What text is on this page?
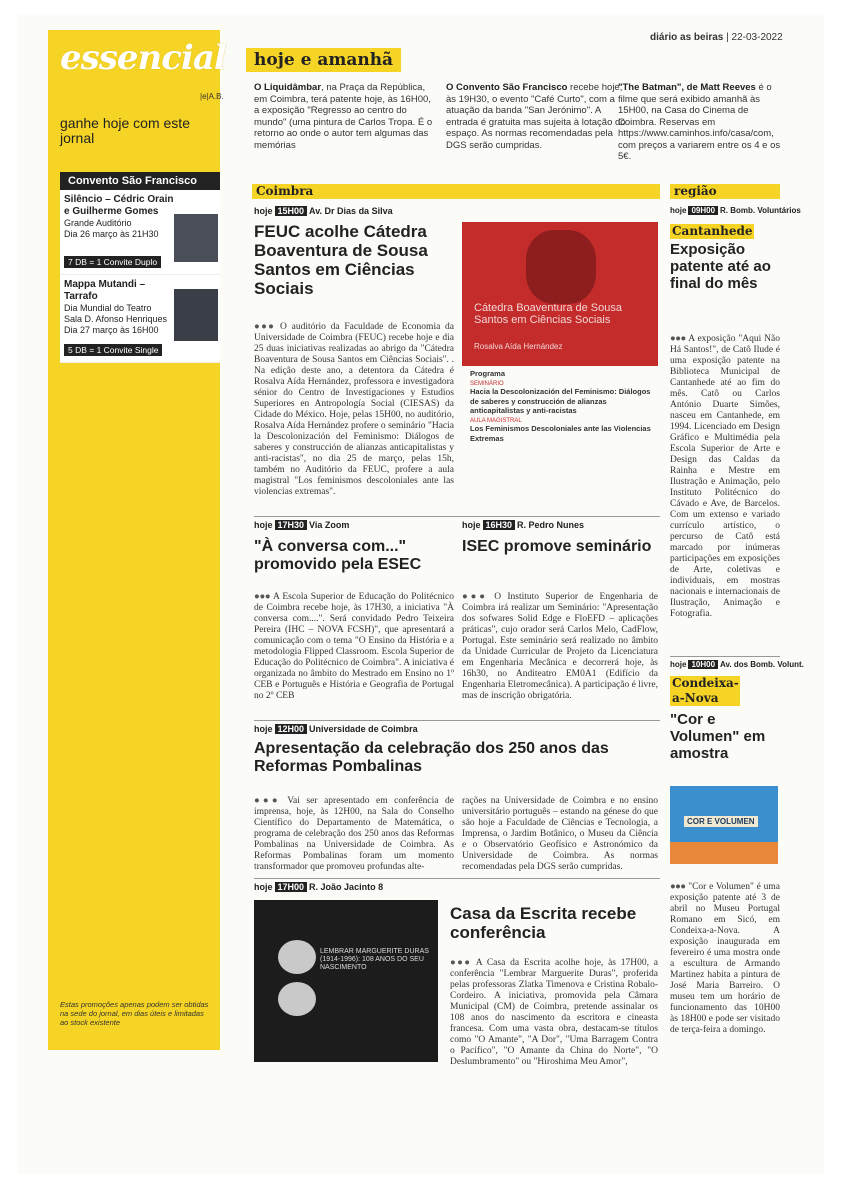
essencial
|e|A.B.
ganhe hoje com este jornal
Convento São Francisco
Silêncio – Cédric Orain e Guilherme Gomes
Grande Auditório
Dia 26 março às 21H30
7 DB = 1 Convite Duplo
Mappa Mutandi – Tarrafo
Dia Mundial do Teatro
Sala D. Afonso Henriques
Dia 27 março às 16H00
5 DB = 1 Convite Single
Estas promoções apenas podem ser obtidas na sede do jornal, em dias úteis e limitadas ao stock existente
hoje e amanhã
diário as beiras | 22-03-2022
O Liquidâmbar, na Praça da República, em Coimbra, terá patente hoje, às 16H00, a exposição "Regresso ao centro do mundo" (uma pintura de Carlos Tropa. É o retorno ao onde o autor tem algumas das memórias
O Convento São Francisco recebe hoje, às 19H30, o evento "Café Curto", com a atuação da banda "San Jerónimo". A entrada é gratuita mas sujeita à lotação do espaço. As normas recomendadas pela DGS serão cumpridas.
"The Batman", de Matt Reeves é o filme que será exibido amanhã às 15H00, na Casa do Cinema de Coimbra. Reservas em https://www.caminhos.info/casa/com, com preços a variarem entre os 4 e os 5€.
Coimbra	região
hoje 15H00 Av. Dr Dias da Silva
FEUC acolhe Cátedra Boaventura de Sousa Santos em Ciências Sociais
●●● O auditório da Faculdade de Economia da Universidade de Coimbra (FEUC) recebe hoje e dia 25 duas iniciativas realizadas ao abrigo da "Cátedra Boaventura de Sousa Santos em Ciências Sociais". . Na edição deste ano, a detentora da Cátedra é Rosalva Aída Hernández, professora e investigadora sénior do Centro de Investigaciones y Estudios Superiores en Antropología Social (CIESAS) da Cidade do México. Hoje, pelas 15H00, no auditório, Rosalva Aída Hernández profere o seminário "Hacia la Descolonización del Feminismo: Diálogos de saberes y construcción de alianzas anticapitalistas y anti-racistas", no dia 25 de março, pelas 15h, também no Auditório da FEUC, profere a aula magistral "Los feminismos descoloniales ante las violencias extremas".
Cátedra Boaventura de Sousa Santos em Ciências Sociais
Rosalva Aída Hernández
Programa
SEMINÁRIO
Hacia la Descolonización del Feminismo: Diálogos de saberes y construcción de alianzas anticapitalistas y anti-racistas
AULA MAGISTRAL
Los Feminismos Descoloniales ante las Violencias Extremas
hoje 17H30 Via Zoom
"À conversa com..." promovido pela ESEC
●●● A Escola Superior de Educação do Politécnico de Coimbra recebe hoje, às 17H30, a iniciativa "À conversa com....". Será convidado Pedro Teixeira Pereira (IHC – NOVA FCSH)", que apresentará a comunicação com o tema "O Ensino da História e a metodologia Flipped Classroom. Escola Superior de Educação do Politécnico de Coimbra". A iniciativa é organizada no âmbito do Mestrado em Ensino no 1º CEB e Português e História e Geografia de Portugal no 2º CEB
hoje 16H30 R. Pedro Nunes
ISEC promove seminário
●●● O Instituto Superior de Engenharia de Coimbra irá realizar um Seminário: "Apresentação dos sofwares Solid Edge e FloEFD – aplicações práticas", cujo orador será Carlos Melo, CadFlow, Portugal. Este seminário será realizado no âmbito da Unidade Curricular de Projeto da Licenciatura em Engenharia Mecânica e decorrerá hoje, às 16h30, no Anditeatro EM0A1 (Edifício da Engenharia Eletromecânica). A participação é livre, mas de inscrição obrigatória.
hoje 12H00 Universidade de Coimbra
Apresentação da celebração dos 250 anos das Reformas Pombalinas
●●● Vai ser apresentado em conferência de imprensa, hoje, às 12H00, na Sala do Conselho Científico do Departamento de Matemática, o programa de celebração dos 250 anos das Reformas Pombalinas na Universidade de Coimbra. As Reformas Pombalinas foram um momento transformador que promoveu profundas alte-
rações na Universidade de Coimbra e no ensino universitário português – estando na génese do que são hoje a Faculdade de Ciências e Tecnologia, a Imprensa, o Jardim Botânico, o Museu da Ciência e o Observatório Geofísico e Astronómico da Universidade de Coimbra. As normas recomendadas pela DGS serão cumpridas.
hoje 17H00 R. João Jacinto 8
LEMBRAR MARGUERITE DURAS (1914-1996): 108 ANOS DO SEU NASCIMENTO
Casa da Escrita recebe conferência
●●● A Casa da Escrita acolhe hoje, às 17H00, a conferência "Lembrar Marguerite Duras", proferida pelas professoras Zlatka Timenova e Cristina Robalo-Cordeiro. A iniciativa, promovida pela Câmara Municipal (CM) de Coimbra, pretende assinalar os 108 anos do nascimento da escritora e cineasta francesa. Com uma vasta obra, destacam-se títulos como "O Amante", "A Dor", "Uma Barragem Contra o Pacífico", "O Amante da China do Norte", "O Deslumbramento" ou "Hiroshima Meu Amor",
hoje 09H00 R. Bomb. Voluntários
Cantanhede
Exposição patente até ao final do mês
●●● A exposição "Aqui Não Há Santos!", de Catô Ilude é uma exposição patente na Biblioteca Municipal de Cantanhede até ao fim do mês. Catô ou Carlos António Duarte Simões, nasceu em Cantanhede, em 1994. Licenciado em Design Gráfico e Multimédia pela Escola Superior de Arte e Design das Caldas da Rainha e Mestre em Ilustração e Animação, pelo Instituto Politécnico do Cávado e Ave, de Barcelos. Com um extenso e variado currículo artístico, o percurso de Catô está marcado por inúmeras participações em exposições de Arte, coletivas e individuais, em mostras nacionais e internacionais de Ilustração, Animação e Fotografia.
hoje 10H00 Av. dos Bomb. Volunt.
Condeixa-a-Nova
"Cor e Volumen" em amostra
COR E VOLUMEN
●●● "Cor e Volumen" é uma exposição patente até 3 de abril no Museu Portugal Romano em Sicó, em Condeixa-a-Nova. A exposição inaugurada em fevereiro é uma mostra onde a escultura de Armando Martinez habita a pintura de José Maria Barreiro. O museu tem um horário de funcionamento das 10H00 às 18H00 e pode ser visitado de terça-feira a domingo.
